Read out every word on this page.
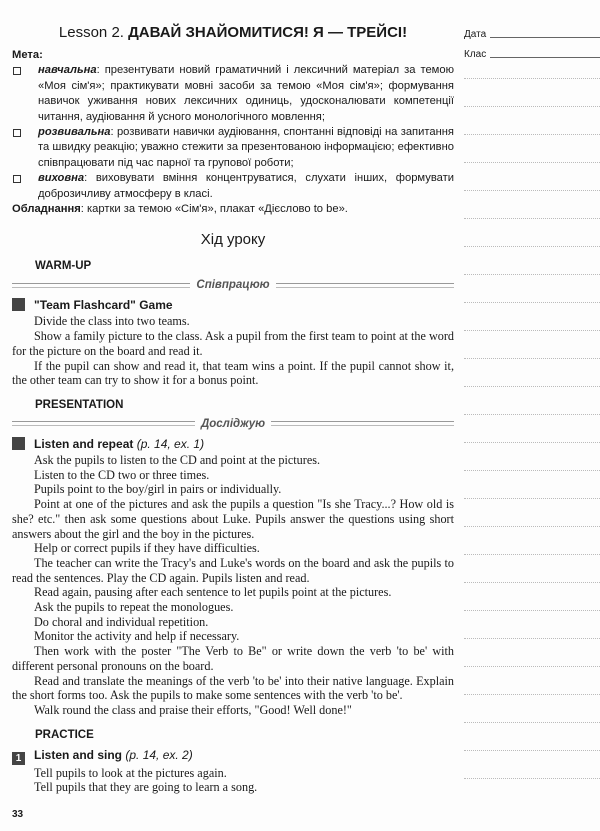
Lesson 2. ДАВАЙ ЗНАЙОМИТИСЯ! Я — ТРЕЙСІ!
Мета:
навчальна: презентувати новий граматичний і лексичний матеріал за темою «Моя сім'я»; практикувати мовні засоби за темою «Моя сім'я»; формування навичок уживання нових лексичних одиниць, удосконалювати компетенції читання, аудіювання й усного монологічного мовлення;
розвивальна: розвивати навички аудіювання, спонтанні відповіді на запитання та швидку реакцію; уважно стежити за презентованою інформацією; ефективно співпрацювати під час парної та групової роботи;
виховна: виховувати вміння концентруватися, слухати інших, формувати доброзичливу атмосферу в класі.
Обладнання: картки за темою «Сім'я», плакат «Дієслово to be».
Хід уроку
WARM-UP
Співпрацюю
"Team Flashcard" Game

Divide the class into two teams.

Show a family picture to the class. Ask a pupil from the first team to point at the word for the picture on the board and read it.

If the pupil can show and read it, that team wins a point. If the pupil cannot show it, the other team can try to show it for a bonus point.

PRESENTATION
Досліджую
Listen and repeat (p. 14, ex. 1)

Ask the pupils to listen to the CD and point at the pictures.

Listen to the CD two or three times.

Pupils point to the boy/girl in pairs or individually.

Point at one of the pictures and ask the pupils a question "Is she Tracy...? How old is she? etc." then ask some questions about Luke. Pupils answer the questions using short answers about the girl and the boy in the pictures.

Help or correct pupils if they have difficulties.

The teacher can write the Tracy's and Luke's words on the board and ask the pupils to read the sentences. Play the CD again. Pupils listen and read.

Read again, pausing after each sentence to let pupils point at the pictures.

Ask the pupils to repeat the monologues.

Do choral and individual repetition.

Monitor the activity and help if necessary.

Then work with the poster "The Verb to Be" or write down the verb 'to be' with different personal pronouns on the board.

Read and translate the meanings of the verb 'to be' into their native language. Explain the short forms too. Ask the pupils to make some sentences with the verb 'to be'.

Walk round the class and praise their efforts, "Good! Well done!"

PRACTICE
1 Listen and sing (p. 14, ex. 2)

Tell pupils to look at the pictures again.

Tell pupils that they are going to learn a song.

33
Дата
Клас
